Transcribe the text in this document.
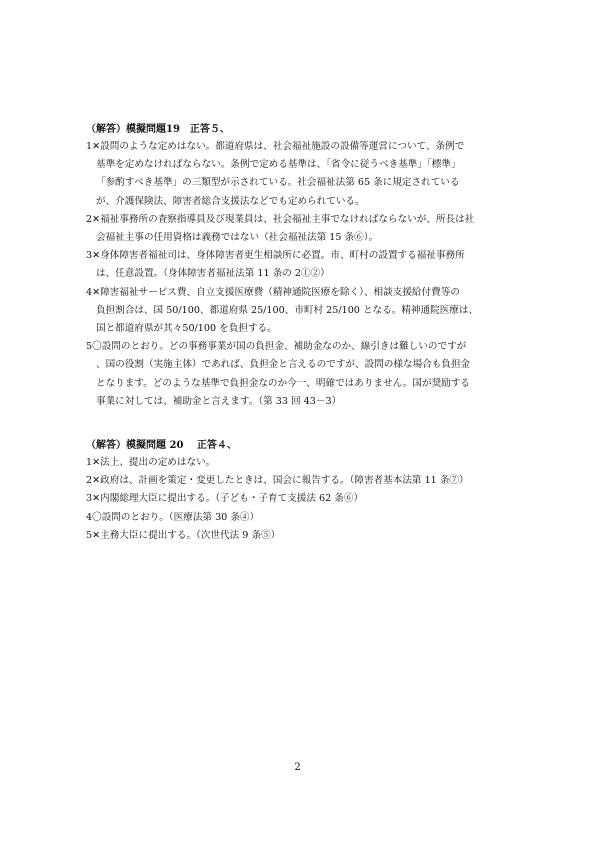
（解答）模擬問題19　正答５、
1✕設問のような定めはない。都道府県は、社会福祉施設の設備等運営について、条例で
基準を定めなければならない。条例で定める基準は、「省令に従うべき基準」「標準」
「参酌すべき基準」の三類型が示されている。社会福祉法第 65 条に規定されている
が、介護保険法、障害者総合支援法などでも定められている。
2✕福祉事務所の査察指導員及び現業員は、社会福祉主事でなければならないが、所長は社
会福祉主事の任用資格は義務ではない（社会福祉法第 15 条⑥）。
3✕身体障害者福祉司は、身体障害者更生相談所に必置。市、町村の設置する福祉事務所
は、任意設置。（身体障害者福祉法第 11 条の 2①②）
4✕障害福祉サービス費、自立支援医療費（精神通院医療を除く）、相談支援給付費等の
負担割合は、国 50/100、都道府県 25/100、市町村 25/100 となる。精神通院医療は、
国と都道府県が其々50/100 を負担する。
5〇設問のとおり。どの事務事業が国の負担金、補助金なのか、線引きは難しいのですが
、国の役割（実施主体）であれば、負担金と言えるのですが、設問の様な場合も負担金
となります。どのような基準で負担金なのか今一、明確ではありません。国が奨励する
事業に対しては、補助金と言えます。（第 33 回 43－3）
（解答）模擬問題 20　 正答４、
1✕法上、提出の定めはない。
2✕政府は、計画を策定・変更したときは、国会に報告する。（障害者基本法第 11 条⑦）
3✕内閣総理大臣に提出する。（子ども・子育て支援法 62 条⑥）
4〇設問のとおり。（医療法第 30 条④）
5✕主務大臣に提出する。（次世代法 9 条⑤）
2
